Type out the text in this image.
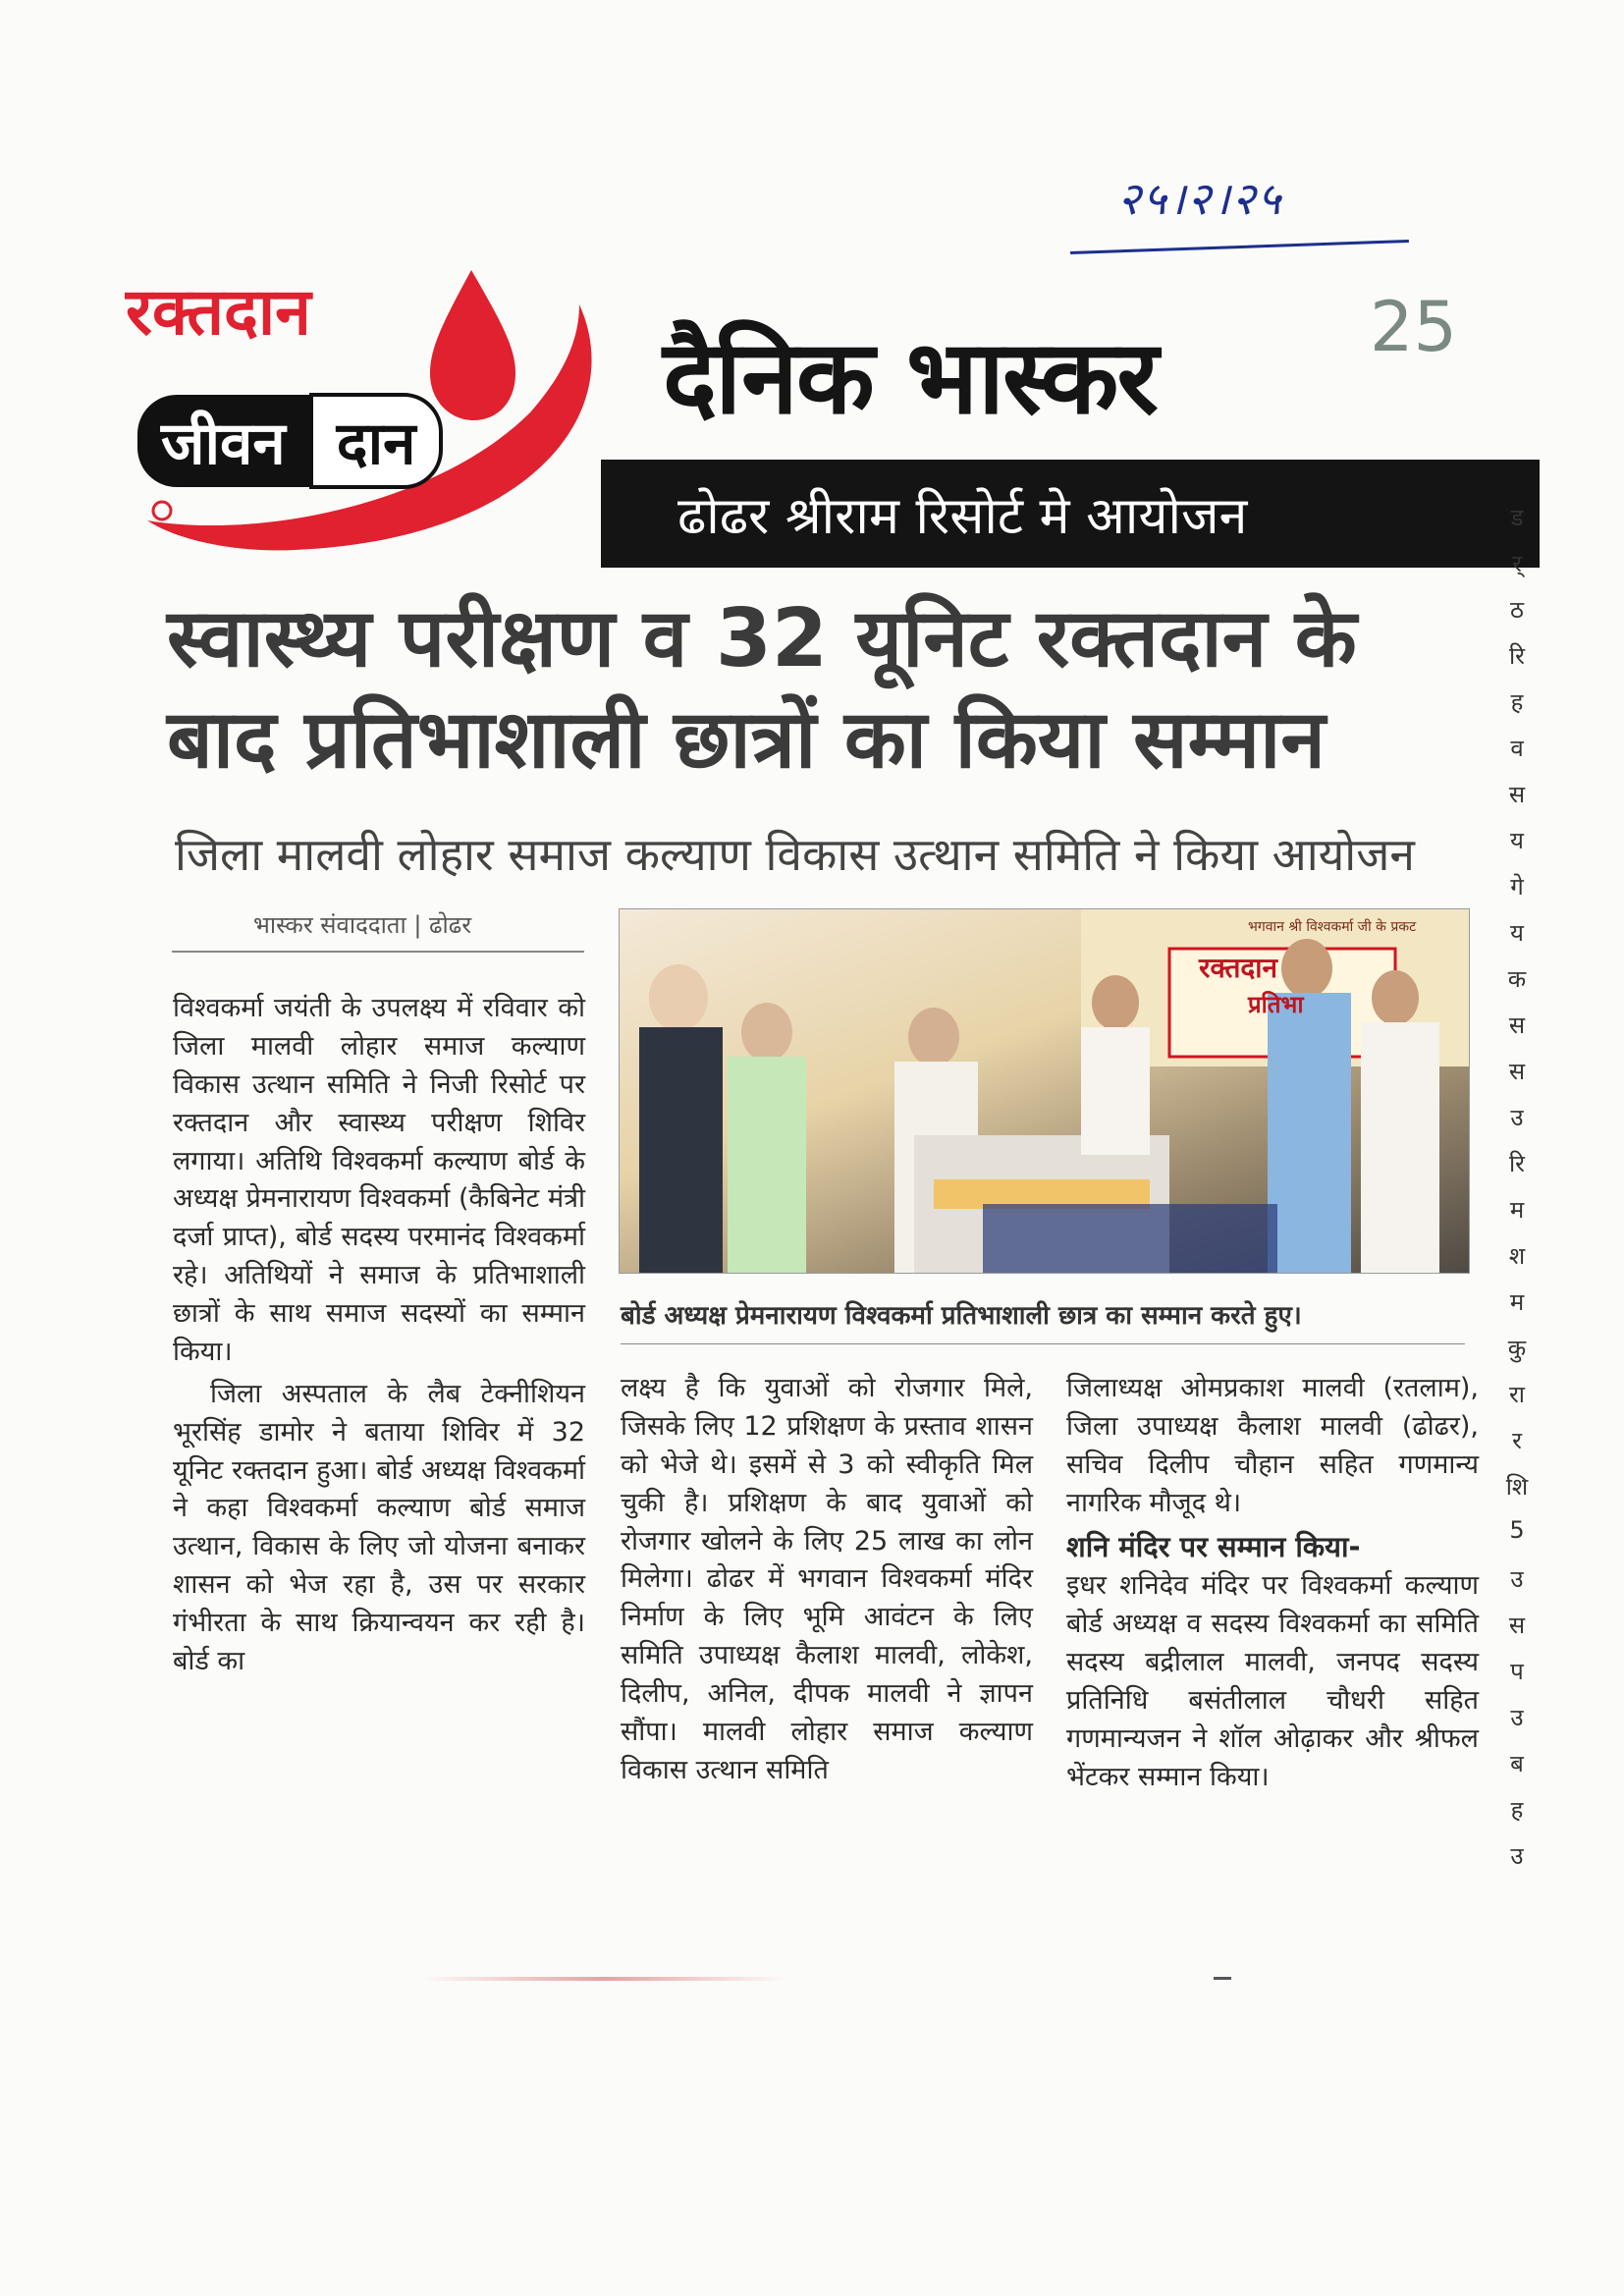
२५।२।२५
रक्तदान
जीवन दान
दैनिक भास्कर	25
ढोढर श्रीराम रिसोर्ट मे आयोजन
स्वास्थ्य परीक्षण व 32 यूनिट रक्तदान के
बाद प्रतिभाशाली छात्रों का किया सम्मान
जिला मालवी लोहार समाज कल्याण विकास उत्थान समिति ने किया आयोजन
भास्कर संवाददाता | ढोढर	भगवान श्री विश्वकर्मा जी के प्रकट
रक्तदान
प्रतिभा
बोर्ड अध्यक्ष प्रेमनारायण विश्वकर्मा प्रतिभाशाली छात्र का सम्मान करते हुए।

विश्वकर्मा जयंती के उपलक्ष्य में रविवार को जिला मालवी लोहार समाज कल्याण विकास उत्थान समिति ने निजी रिसोर्ट पर रक्तदान और स्वास्थ्य परीक्षण शिविर लगाया। अतिथि विश्वकर्मा कल्याण बोर्ड के अध्यक्ष प्रेमनारायण विश्वकर्मा (कैबिनेट मंत्री दर्जा प्राप्त), बोर्ड सदस्य परमानंद विश्वकर्मा रहे। अतिथियों ने समाज के प्रतिभाशाली छात्रों के साथ समाज सदस्यों का सम्मान किया।

जिला अस्पताल के लैब टेक्नीशियन भूरसिंह डामोर ने बताया शिविर में 32 यूनिट रक्तदान हुआ। बोर्ड अध्यक्ष विश्वकर्मा ने कहा विश्वकर्मा कल्याण बोर्ड समाज उत्थान, विकास के लिए जो योजना बनाकर शासन को भेज रहा है, उस पर सरकार गंभीरता के साथ क्रियान्वयन कर रही है। बोर्ड का

लक्ष्य है कि युवाओं को रोजगार मिले, जिसके लिए 12 प्रशिक्षण के प्रस्ताव शासन को भेजे थे। इसमें से 3 को स्वीकृति मिल चुकी है। प्रशिक्षण के बाद युवाओं को रोजगार खोलने के लिए 25 लाख का लोन मिलेगा। ढोढर में भगवान विश्वकर्मा मंदिर निर्माण के लिए भूमि आवंटन के लिए समिति उपाध्यक्ष कैलाश मालवी, लोकेश, दिलीप, अनिल, दीपक मालवी ने ज्ञापन सौंपा। मालवी लोहार समाज कल्याण विकास उत्थान समिति

जिलाध्यक्ष ओमप्रकाश मालवी (रतलाम), जिला उपाध्यक्ष कैलाश मालवी (ढोढर), सचिव दिलीप चौहान सहित गणमान्य नागरिक मौजूद थे।

शनि मंदिर पर सम्मान किया-

इधर शनिदेव मंदिर पर विश्वकर्मा कल्याण बोर्ड अध्यक्ष व सदस्य विश्वकर्मा का समिति सदस्य बद्रीलाल मालवी, जनपद सदस्य प्रतिनिधि बसंतीलाल चौधरी सहित गणमान्यजन ने शॉल ओढ़ाकर और श्रीफल भेंटकर सम्मान किया।

ड
र्
ठ
रि
ह
व
स
य
गे
य
क
स
स
उ
रि
म
श
म
कु
रा
र
शि
5
उ
स
प
उ
ब
ह
उ
